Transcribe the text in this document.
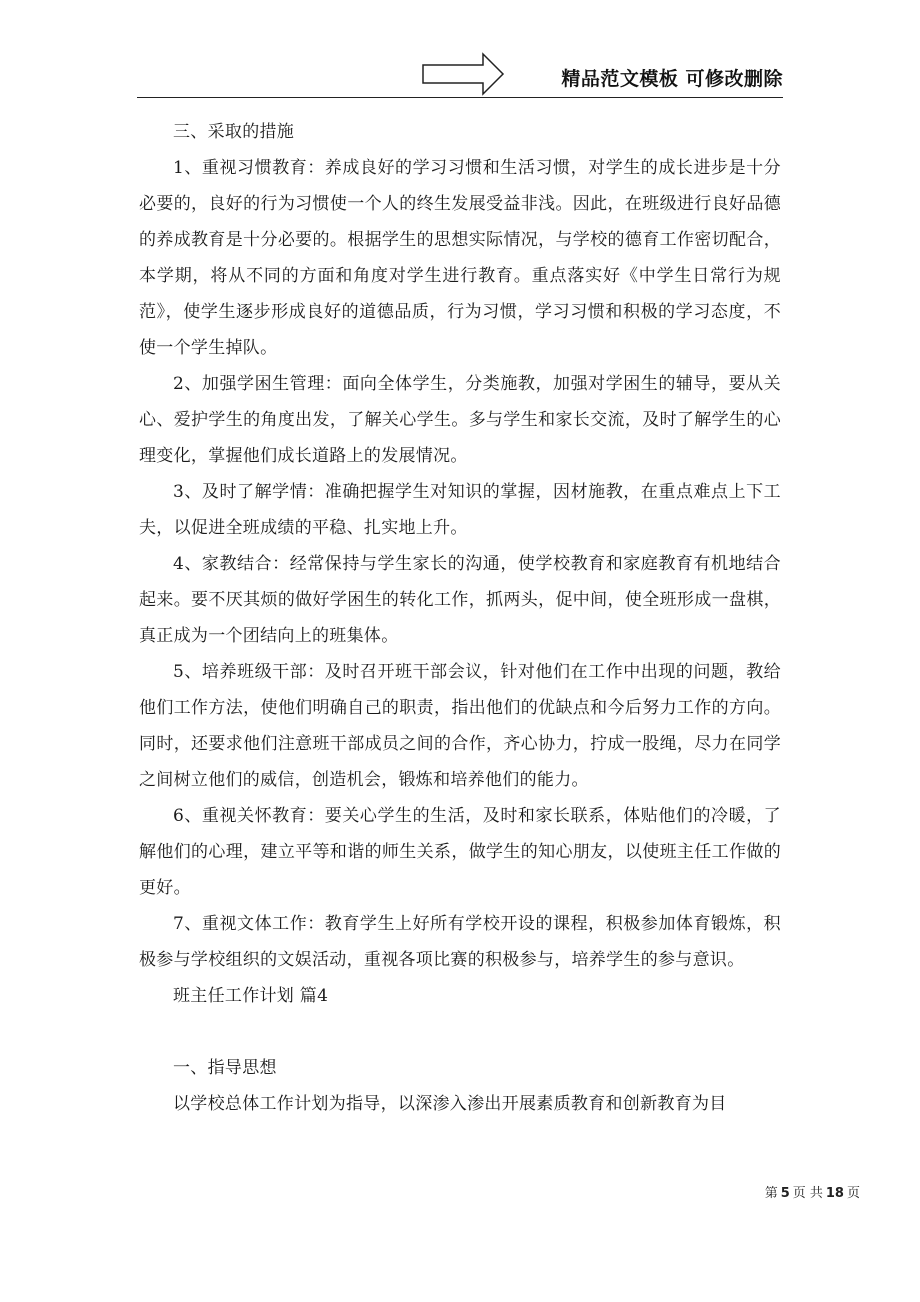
精品范文模板 可修改删除

三、采取的措施

1、重视习惯教育：养成良好的学习习惯和生活习惯，对学生的成长进步是十分必要的，良好的行为习惯使一个人的终生发展受益非浅。因此，在班级进行良好品德的养成教育是十分必要的。根据学生的思想实际情况，与学校的德育工作密切配合，本学期，将从不同的方面和角度对学生进行教育。重点落实好《中学生日常行为规范》，使学生逐步形成良好的道德品质，行为习惯，学习习惯和积极的学习态度，不使一个学生掉队。

2、加强学困生管理：面向全体学生，分类施教，加强对学困生的辅导，要从关心、爱护学生的角度出发，了解关心学生。多与学生和家长交流，及时了解学生的心理变化，掌握他们成长道路上的发展情况。

3、及时了解学情：准确把握学生对知识的掌握，因材施教，在重点难点上下工夫，以促进全班成绩的平稳、扎实地上升。

4、家教结合：经常保持与学生家长的沟通，使学校教育和家庭教育有机地结合起来。要不厌其烦的做好学困生的转化工作，抓两头，促中间，使全班形成一盘棋，真正成为一个团结向上的班集体。

5、培养班级干部：及时召开班干部会议，针对他们在工作中出现的问题，教给他们工作方法，使他们明确自己的职责，指出他们的优缺点和今后努力工作的方向。同时，还要求他们注意班干部成员之间的合作，齐心协力，拧成一股绳，尽力在同学之间树立他们的威信，创造机会，锻炼和培养他们的能力。

6、重视关怀教育：要关心学生的生活，及时和家长联系，体贴他们的冷暖，了解他们的心理，建立平等和谐的师生关系，做学生的知心朋友，以使班主任工作做的更好。

7、重视文体工作：教育学生上好所有学校开设的课程，积极参加体育锻炼，积极参与学校组织的文娱活动，重视各项比赛的积极参与，培养学生的参与意识。

班主任工作计划 篇4

一、指导思想

以学校总体工作计划为指导，以深渗入渗出开展素质教育和创新教育为目

第 5 页 共 18 页
